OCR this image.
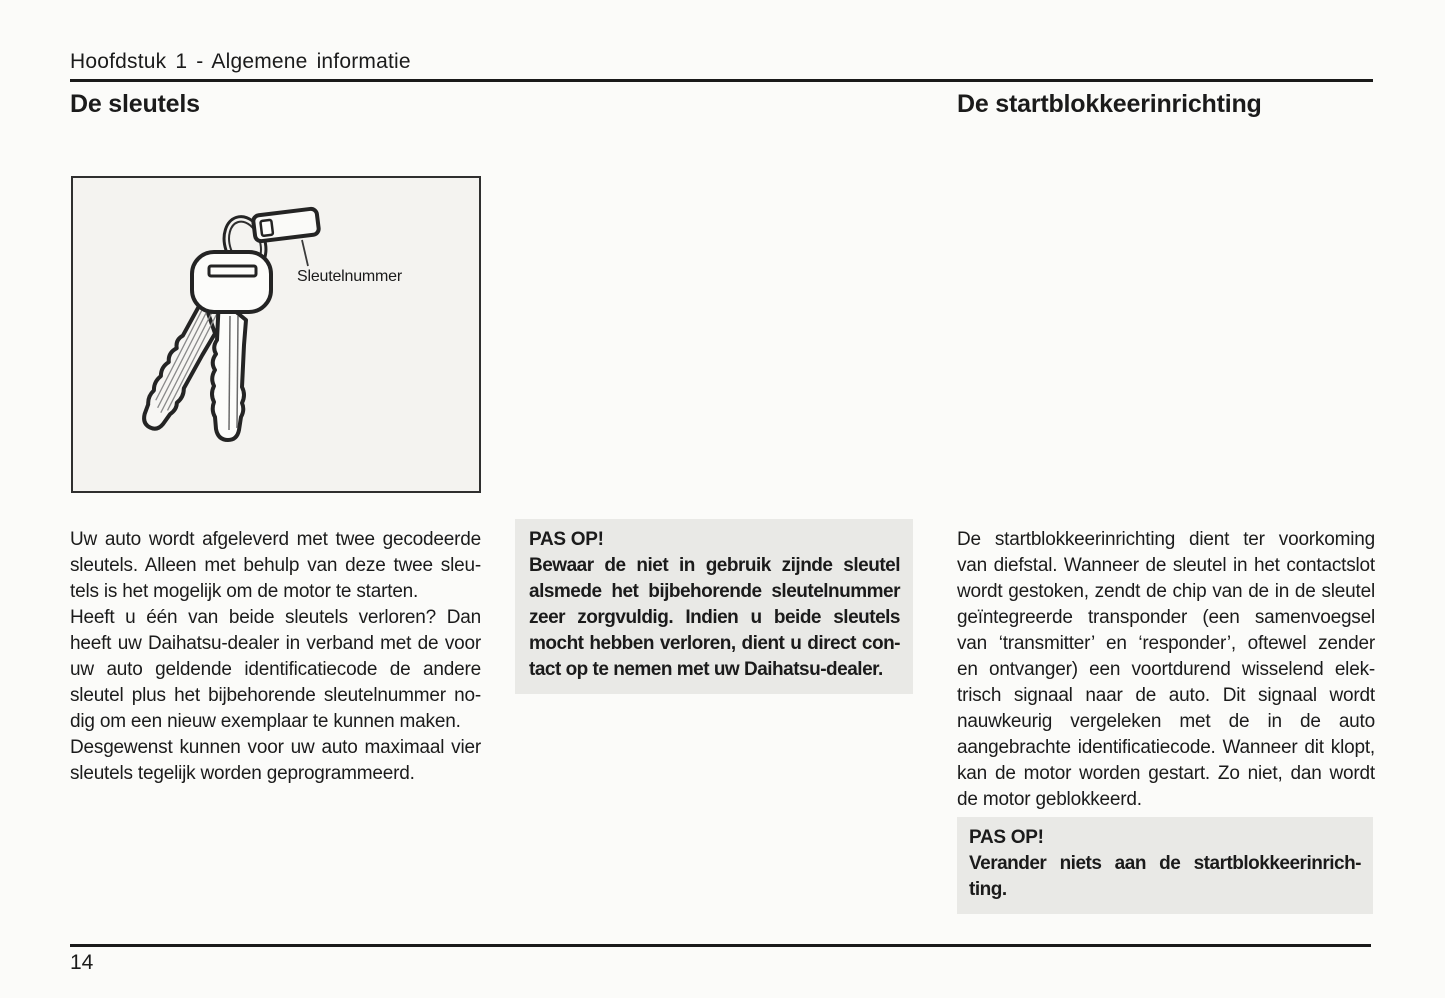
Hoofdstuk 1 - Algemene informatie
De sleutels	De startblokkeerinrichting
Sleutelnummer
Uw auto wordt afgeleverd met twee gecodeerde
sleutels. Alleen met behulp van deze twee sleu-
tels is het mogelijk om de motor te starten.
Heeft u één van beide sleutels verloren? Dan
heeft uw Daihatsu-dealer in verband met de voor
uw auto geldende identificatiecode de andere
sleutel plus het bijbehorende sleutelnummer no-
dig om een nieuw exemplaar te kunnen maken.
Desgewenst kunnen voor uw auto maximaal vier
sleutels tegelijk worden geprogrammeerd.
PAS OP!
Bewaar de niet in gebruik zijnde sleutel
alsmede het bijbehorende sleutelnummer
zeer zorgvuldig. Indien u beide sleutels
mocht hebben verloren, dient u direct con-
tact op te nemen met uw Daihatsu-dealer.
De startblokkeerinrichting dient ter voorkoming
van diefstal. Wanneer de sleutel in het contactslot
wordt gestoken, zendt de chip van de in de sleutel
geïntegreerde transponder (een samenvoegsel
van ‘transmitter’ en ‘responder’, oftewel zender
en ontvanger) een voortdurend wisselend elek-
trisch signaal naar de auto. Dit signaal wordt
nauwkeurig vergeleken met de in de auto
aangebrachte identificatiecode. Wanneer dit klopt,
kan de motor worden gestart. Zo niet, dan wordt
de motor geblokkeerd.
PAS OP!
Verander niets aan de startblokkeerinrich-
ting.
14
